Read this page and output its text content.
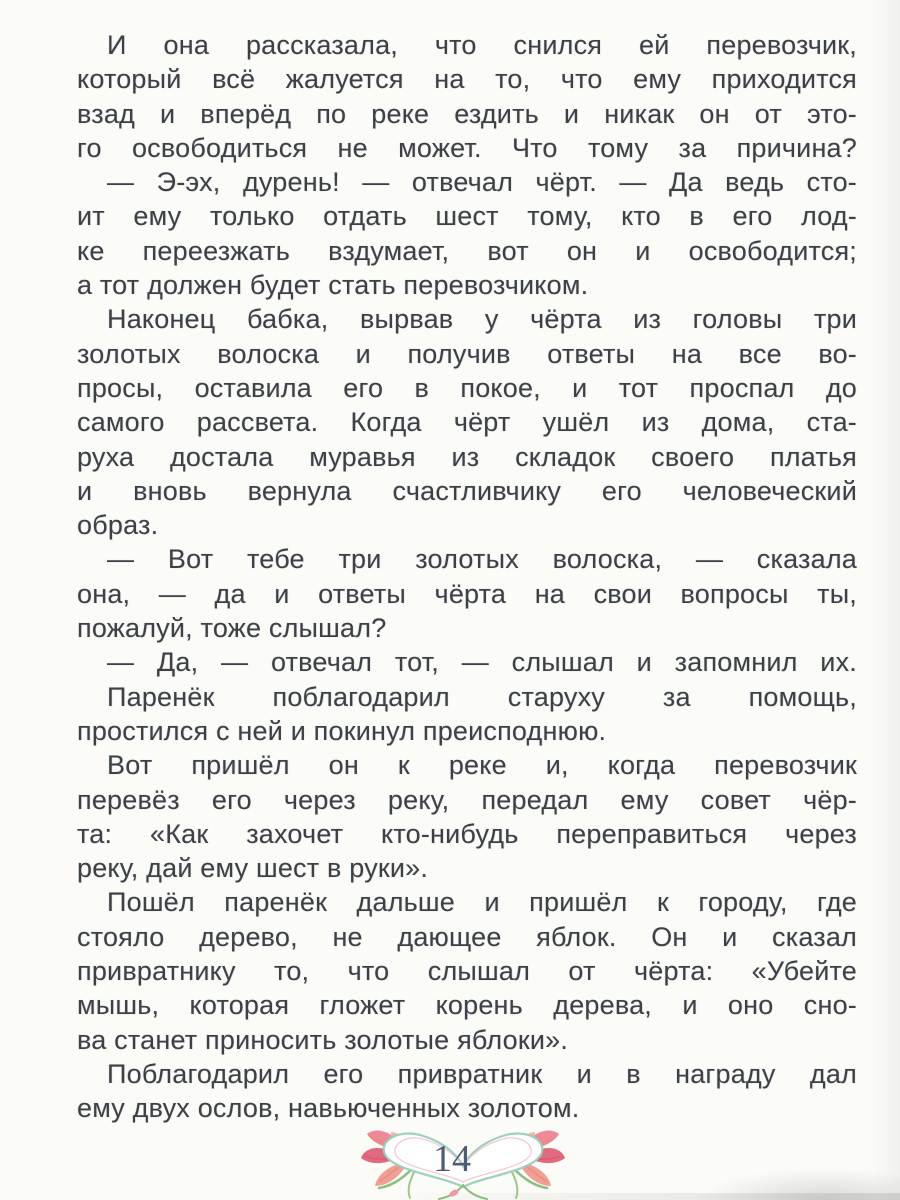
И она рассказала, что снился ей перевозчик,
который всё жалуется на то, что ему приходится
взад и вперёд по реке ездить и никак он от это-
го освободиться не может. Что тому за причина?
— Э-эх, дурень! — отвечал чёрт. — Да ведь сто-
ит ему только отдать шест тому, кто в его лод-
ке переезжать вздумает, вот он и освободится;
а тот должен будет стать перевозчиком.
Наконец бабка, вырвав у чёрта из головы три
золотых волоска и получив ответы на все во-
просы, оставила его в покое, и тот проспал до
самого рассвета. Когда чёрт ушёл из дома, ста-
руха достала муравья из складок своего платья
и вновь вернула счастливчику его человеческий
образ.
— Вот тебе три золотых волоска, — сказала
она, — да и ответы чёрта на свои вопросы ты,
пожалуй, тоже слышал?
— Да, — отвечал тот, — слышал и запомнил их.
Паренёк поблагодарил старуху за помощь,
простился с ней и покинул преисподнюю.
Вот пришёл он к реке и, когда перевозчик
перевёз его через реку, передал ему совет чёр-
та: «Как захочет кто-нибудь переправиться через
реку, дай ему шест в руки».
Пошёл паренёк дальше и пришёл к городу, где
стояло дерево, не дающее яблок. Он и сказал
привратнику то, что слышал от чёрта: «Убейте
мышь, которая гложет корень дерева, и оно сно-
ва станет приносить золотые яблоки».
Поблагодарил его привратник и в награду дал
ему двух ослов, навьюченных золотом.
14
